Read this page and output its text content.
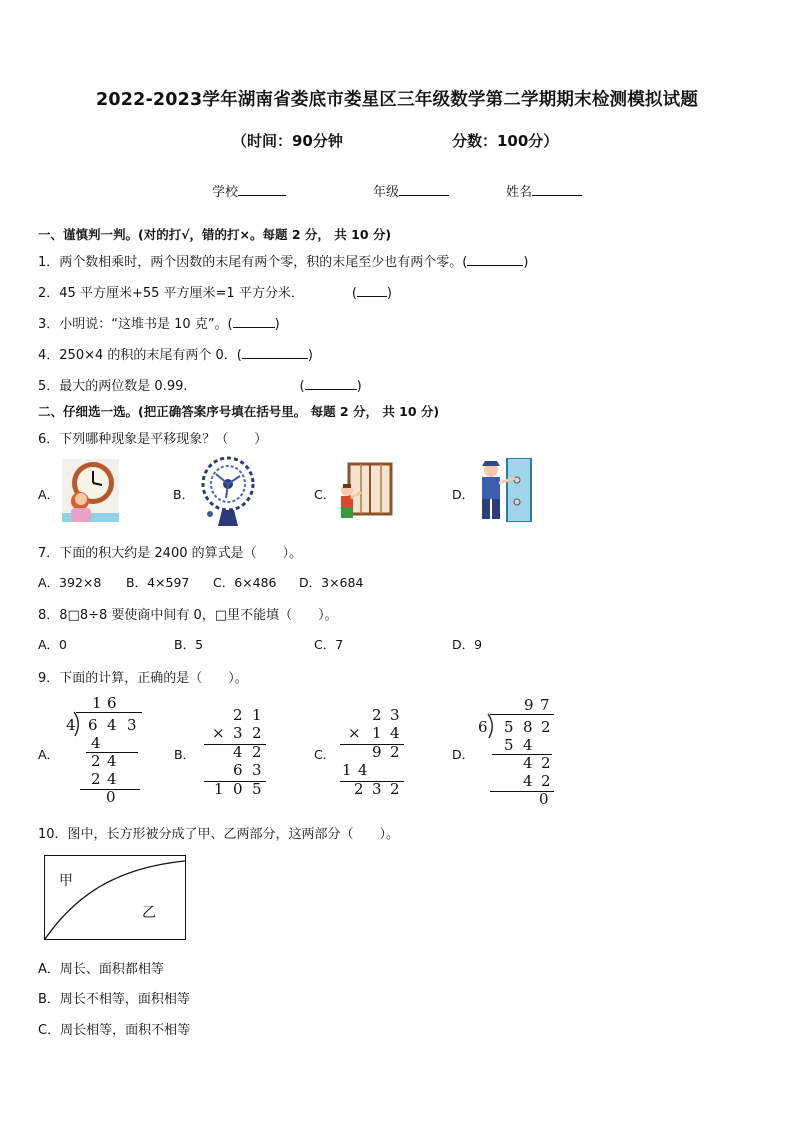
2022-2023学年湖南省娄底市娄星区三年级数学第二学期期末检测模拟试题
（时间：90分钟	分数：100分）
学校	年级	姓名
一、谨慎判一判。(对的打√，错的打×。每题 2 分， 共 10 分)
1．两个数相乘时，两个因数的末尾有两个零，积的末尾至少也有两个零。(	)
2．45 平方厘米+55 平方厘米=1 平方分米．	( )
3．小明说：“这堆书是 10 克”。(	)
4．250×4 的积的末尾有两个 0．(	)
5．最大的两位数是 0.99.	(	)
二、仔细选一选。(把正确答案序号填在括号里。 每题 2 分， 共 10 分)
6．下列哪种现象是平移现象？（　　）
A．	B．	C．	D．
7．下面的积大约是 2400 的算式是（　　）。
A．392×8 B．4×597 C．6×486 D．3×684
8．8□8÷8 要使商中间有 0，□里不能填（　　）。
A．0	B．5	C．7	D．9
9．下面的计算，正确的是（　　）。
A．
1 6
4 6 4 3
4
2 4
2 4
0
B．
2 1
× 3 2
4 2
6 3
1 0 5
C．
2 3
× 1 4
9 2
1 4
2 3 2
D．
9 7
6 5 8 2
5 4
4 2
4 2
0
10．图中，长方形被分成了甲、乙两部分，这两部分（　　）。
甲
乙
A．周长、面积都相等
B．周长不相等，面积相等
C．周长相等，面积不相等
